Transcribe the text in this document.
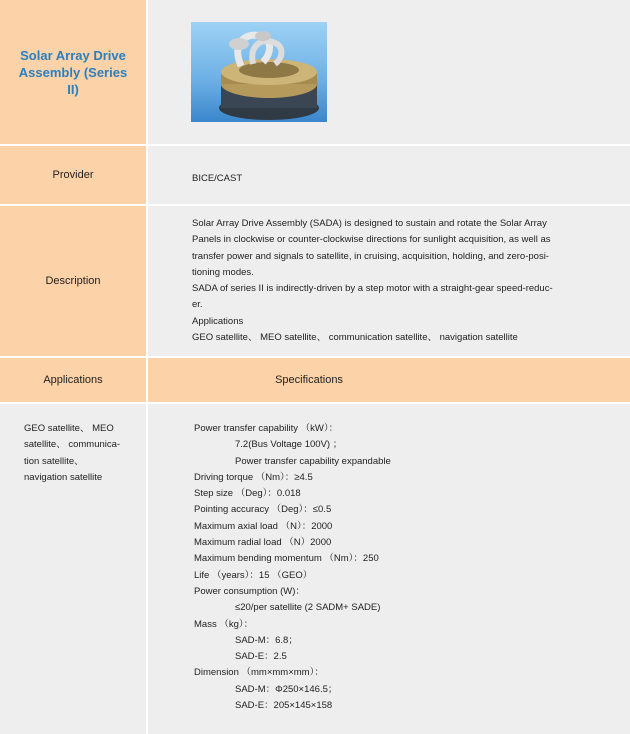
Solar Array Drive Assembly (Series II)
Provider	BICE/CAST
Description
Solar Array Drive Assembly (SADA) is designed to sustain and rotate the Solar Array
Panels in clockwise or counter-clockwise directions for sunlight acquisition, as well as
transfer power and signals to satellite, in cruising, acquisition, holding, and zero-posi-
tioning modes.
SADA of series II is indirectly-driven by a step motor with a straight-gear speed-reduc-
er.
Applications
GEO satellite、 MEO satellite、 communication satellite、 navigation satellite
Applications	Specifications
GEO satellite、 MEO
satellite、 communica-
tion satellite、
navigation satellite
Power transfer capability （kW）：
7.2(Bus Voltage 100V) ；
Power transfer capability expandable
Driving torque （Nm）：≥4.5
Step size （Deg）：0.018
Pointing accuracy （Deg）：≤0.5
Maximum axial load （N）：2000
Maximum radial load （N）2000
Maximum bending momentum （Nm）：250
Life （years）：15 （GEO）
Power consumption (W)：
≤20/per satellite (2 SADM+ SADE)
Mass （kg）：
SAD-M：6.8；
SAD-E：2.5
Dimension （mm×mm×mm）：
SAD-M：Φ250×146.5；
SAD-E：205×145×158
